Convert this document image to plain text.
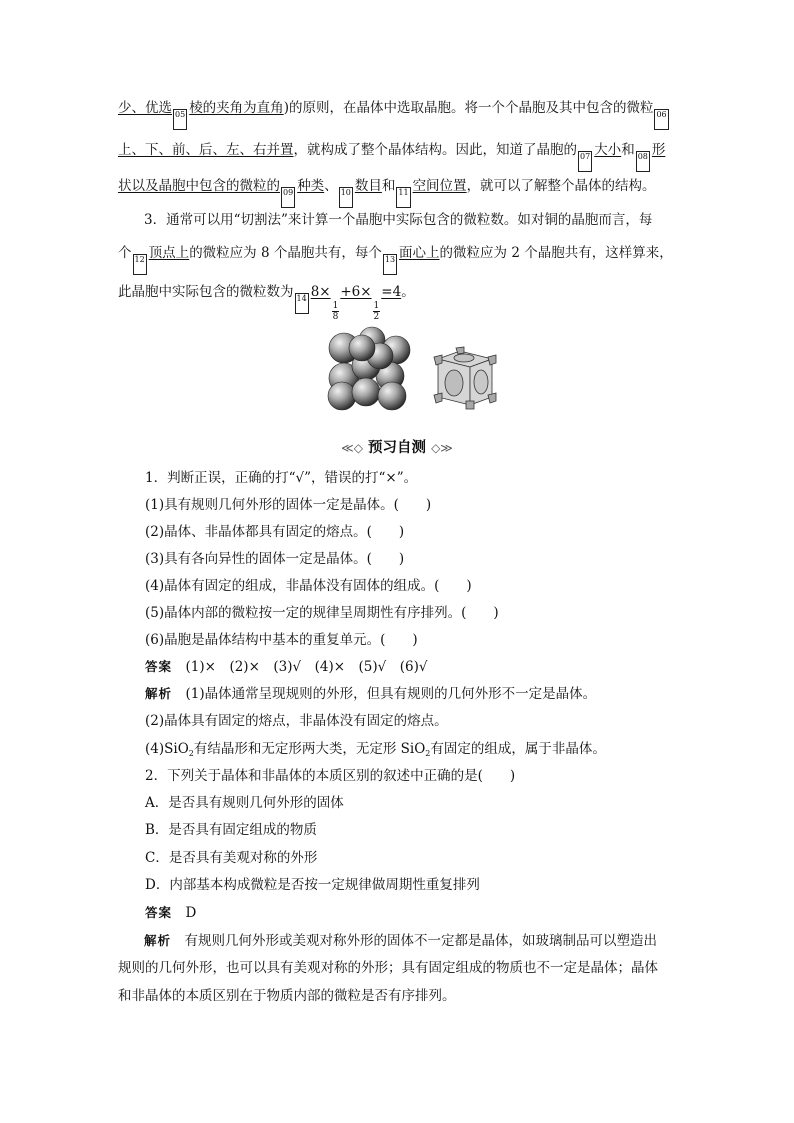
少、优选 05 棱的夹角为直角)的原则，在晶体中选取晶胞。将一个个晶胞及其中包含的微粒 06
上、下、前、后、左、右并置，就构成了整个晶体结构。因此，知道了晶胞的 07 大小和 08 形
状以及晶胞中包含的微粒的 09 种类、 10 数目和 11 空间位置，就可以了解整个晶体的结构。
3．通常可以用“切割法”来计算一个晶胞中实际包含的微粒数。如对铜的晶胞而言，每
个 12 顶点上的微粒应为 8 个晶胞共有，每个 13 面心上的微粒应为 2 个晶胞共有，这样算来，
此晶胞中实际包含的微粒数为 14 8×
$\frac{1}{8}$
+6×
$\frac{1}{2}$
=4。
≪◇ 预习自测 ◇≫
1．判断正误，正确的打“√”，错误的打“×”。
(1)具有规则几何外形的固体一定是晶体。(　　)
(2)晶体、非晶体都具有固定的熔点。(　　)
(3)具有各向异性的固体一定是晶体。(　　)
(4)晶体有固定的组成，非晶体没有固体的组成。(　　)
(5)晶体内部的微粒按一定的规律呈周期性有序排列。(　　)
(6)晶胞是晶体结构中基本的重复单元。(　　)
答案　 (1)×　(2)×　(3)√　(4)×　(5)√　(6)√
解析　 (1)晶体通常呈现规则的外形，但具有规则的几何外形不一定是晶体。
(2)晶体具有固定的熔点，非晶体没有固定的熔点。
(4)SiO$_2$有结晶形和无定形两大类，无定形 SiO$_2$有固定的组成，属于非晶体。
2．下列关于晶体和非晶体的本质区别的叙述中正确的是(　　)
A．是否具有规则几何外形的固体
B．是否具有固定组成的物质
C．是否具有美观对称的外形
D．内部基本构成微粒是否按一定规律做周期性重复排列
答案　 D
解析　 有规则几何外形或美观对称外形的固体不一定都是晶体，如玻璃制品可以塑造出
规则的几何外形，也可以具有美观对称的外形；具有固定组成的物质也不一定是晶体；晶体
和非晶体的本质区别在于物质内部的微粒是否有序排列。
